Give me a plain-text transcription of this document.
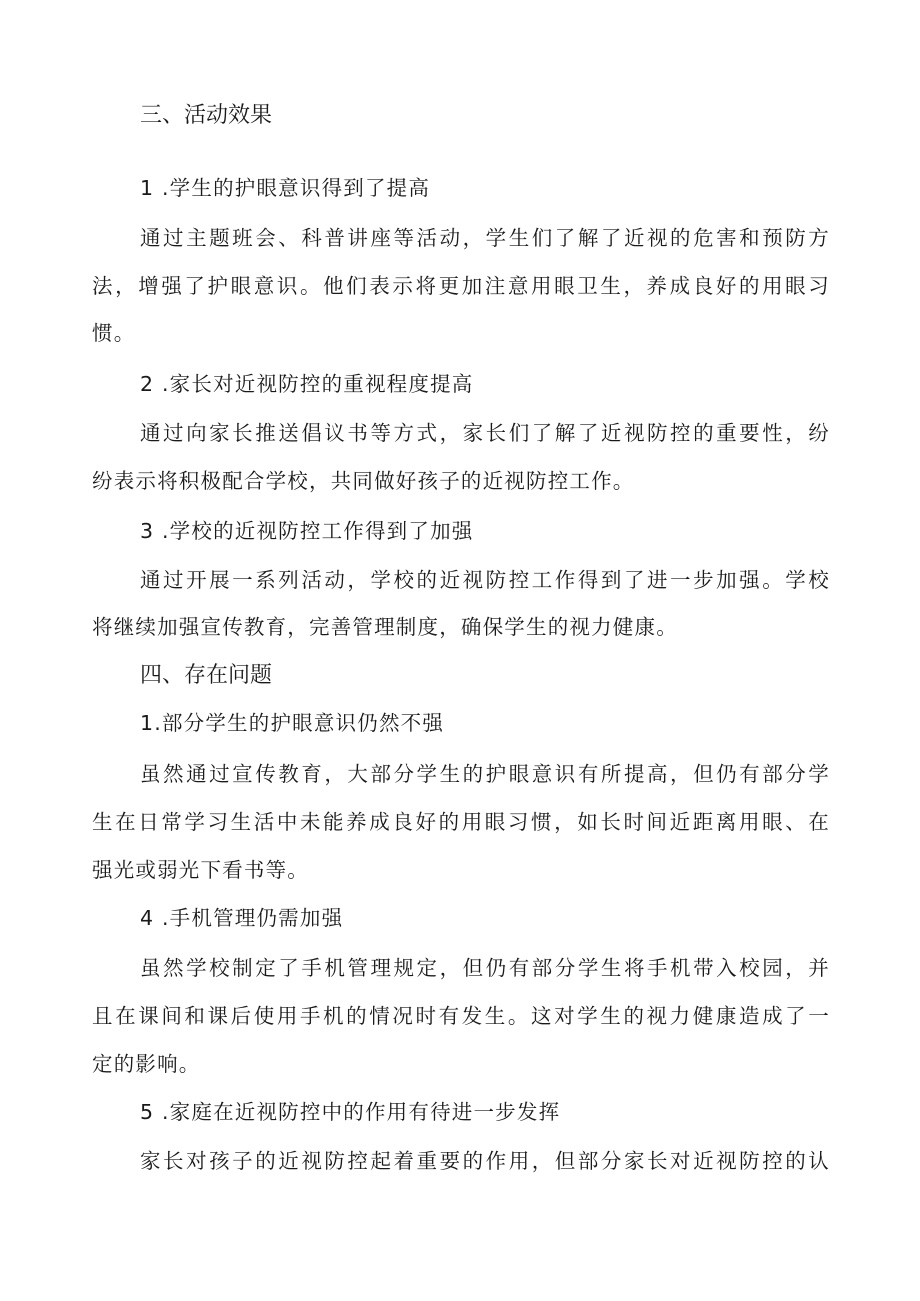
三、活动效果
1 .学生的护眼意识得到了提高
通过主题班会、科普讲座等活动，学生们了解了近视的危害和预防方
法，增强了护眼意识。他们表示将更加注意用眼卫生，养成良好的用眼习
惯。
2 .家长对近视防控的重视程度提高
通过向家长推送倡议书等方式，家长们了解了近视防控的重要性，纷
纷表示将积极配合学校，共同做好孩子的近视防控工作。
3 .学校的近视防控工作得到了加强
通过开展一系列活动，学校的近视防控工作得到了进一步加强。学校
将继续加强宣传教育，完善管理制度，确保学生的视力健康。
四、存在问题
1.部分学生的护眼意识仍然不强
虽然通过宣传教育，大部分学生的护眼意识有所提高，但仍有部分学
生在日常学习生活中未能养成良好的用眼习惯，如长时间近距离用眼、在
强光或弱光下看书等。
4 .手机管理仍需加强
虽然学校制定了手机管理规定，但仍有部分学生将手机带入校园，并
且在课间和课后使用手机的情况时有发生。这对学生的视力健康造成了一
定的影响。
5 .家庭在近视防控中的作用有待进一步发挥
家长对孩子的近视防控起着重要的作用，但部分家长对近视防控的认
